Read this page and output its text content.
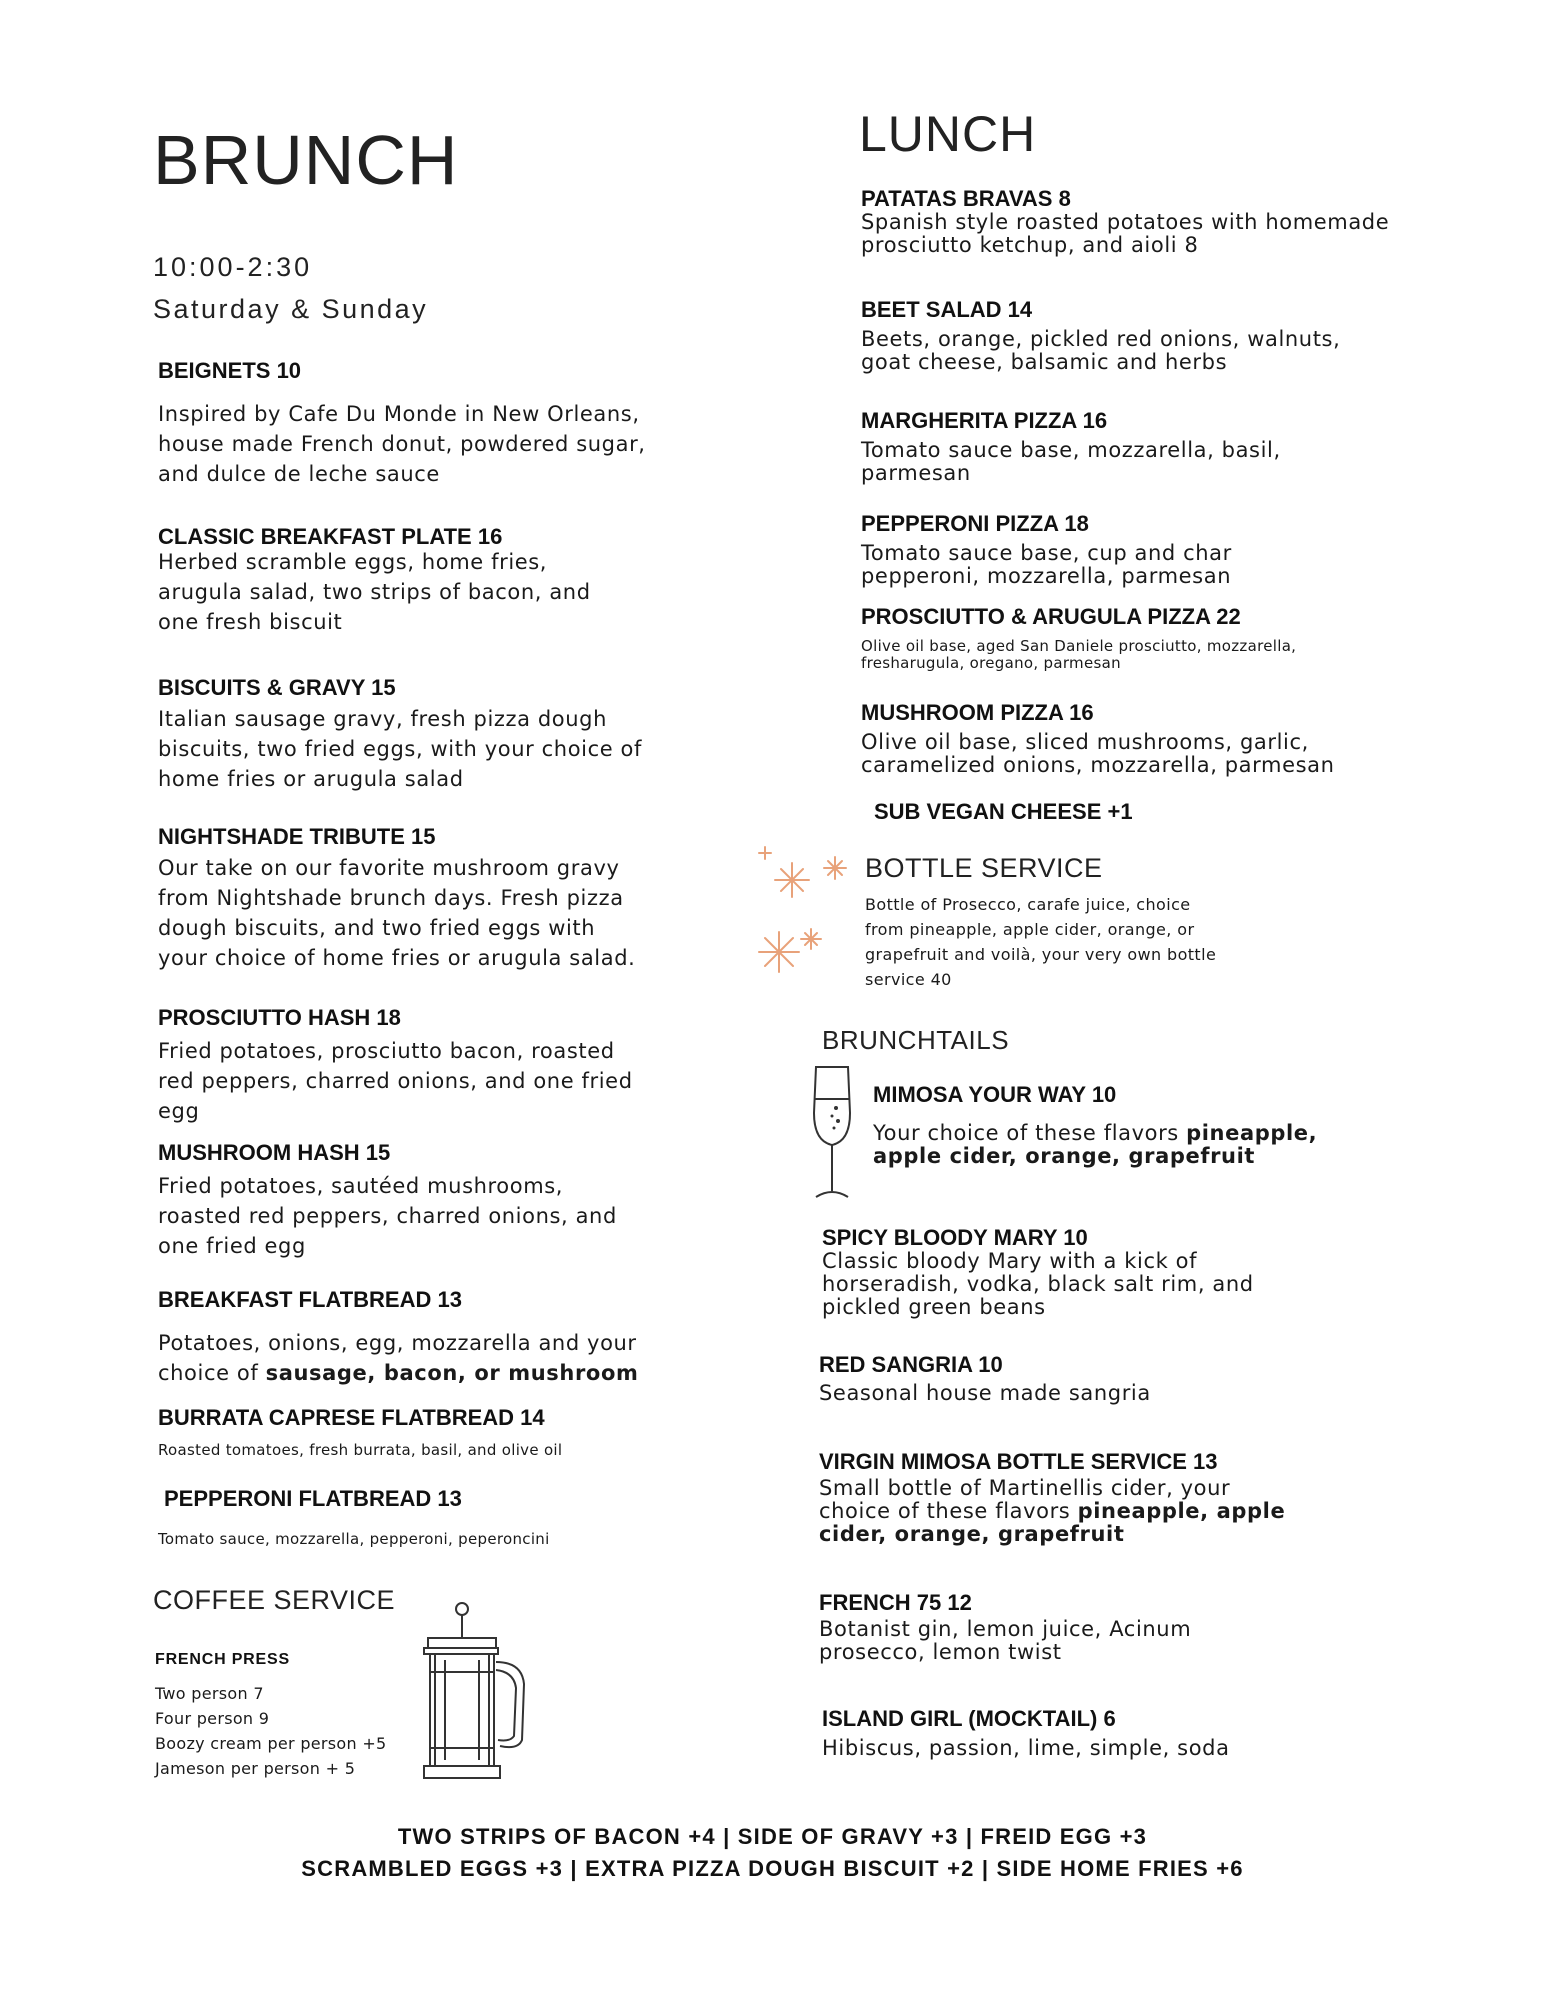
BRUNCH
10:00-2:30
Saturday & Sunday
BEIGNETS 10
Inspired by Cafe Du Monde in New Orleans, house made French donut, powdered sugar, and dulce de leche sauce
CLASSIC BREAKFAST PLATE 16
Herbed scramble eggs, home fries, arugula salad, two strips of bacon, and one fresh biscuit
BISCUITS & GRAVY 15
Italian sausage gravy, fresh pizza dough biscuits, two fried eggs, with your choice of home fries or arugula salad
NIGHTSHADE TRIBUTE 15
Our take on our favorite mushroom gravy from Nightshade brunch days. Fresh pizza dough biscuits, and two fried eggs with your choice of home fries or arugula salad.
PROSCIUTTO HASH 18
Fried potatoes, prosciutto bacon, roasted red peppers, charred onions, and one fried egg
MUSHROOM HASH 15
Fried potatoes, sautéed mushrooms, roasted red peppers, charred onions, and one fried egg
BREAKFAST FLATBREAD 13
Potatoes, onions, egg, mozzarella and your choice of sausage, bacon, or mushroom
BURRATA CAPRESE FLATBREAD 14
Roasted tomatoes, fresh burrata, basil, and olive oil
PEPPERONI FLATBREAD 13
Tomato sauce, mozzarella, pepperoni, peperoncini
COFFEE SERVICE
FRENCH PRESS
Two person 7
Four person 9
Boozy cream per person +5
Jameson per person + 5
LUNCH
PATATAS BRAVAS 8
Spanish style roasted potatoes with homemade prosciutto ketchup, and aioli 8
BEET SALAD 14
Beets, orange, pickled red onions, walnuts, goat cheese, balsamic and herbs
MARGHERITA PIZZA 16
Tomato sauce base, mozzarella, basil, parmesan
PEPPERONI PIZZA 18
Tomato sauce base, cup and char pepperoni, mozzarella, parmesan
PROSCIUTTO & ARUGULA PIZZA 22
Olive oil base, aged San Daniele prosciutto, mozzarella, fresharugula, oregano, parmesan
MUSHROOM PIZZA 16
Olive oil base, sliced mushrooms, garlic, caramelized onions, mozzarella, parmesan
SUB VEGAN CHEESE +1
BOTTLE SERVICE
Bottle of Prosecco, carafe juice, choice from pineapple, apple cider, orange, or grapefruit and voilà, your very own bottle service 40
BRUNCHTAILS
MIMOSA YOUR WAY 10
Your choice of these flavors pineapple, apple cider, orange, grapefruit
SPICY BLOODY MARY 10
Classic bloody Mary with a kick of horseradish, vodka, black salt rim, and pickled green beans
RED SANGRIA 10
Seasonal house made sangria
VIRGIN MIMOSA BOTTLE SERVICE 13
Small bottle of Martinellis cider, your choice of these flavors pineapple, apple cider, orange, grapefruit
FRENCH 75 12
Botanist gin, lemon juice, Acinum prosecco, lemon twist
ISLAND GIRL (MOCKTAIL) 6
Hibiscus, passion, lime, simple, soda
TWO STRIPS OF BACON +4 | SIDE OF GRAVY +3 | FREID EGG +3
SCRAMBLED EGGS +3 | EXTRA PIZZA DOUGH BISCUIT +2 | SIDE HOME FRIES +6
